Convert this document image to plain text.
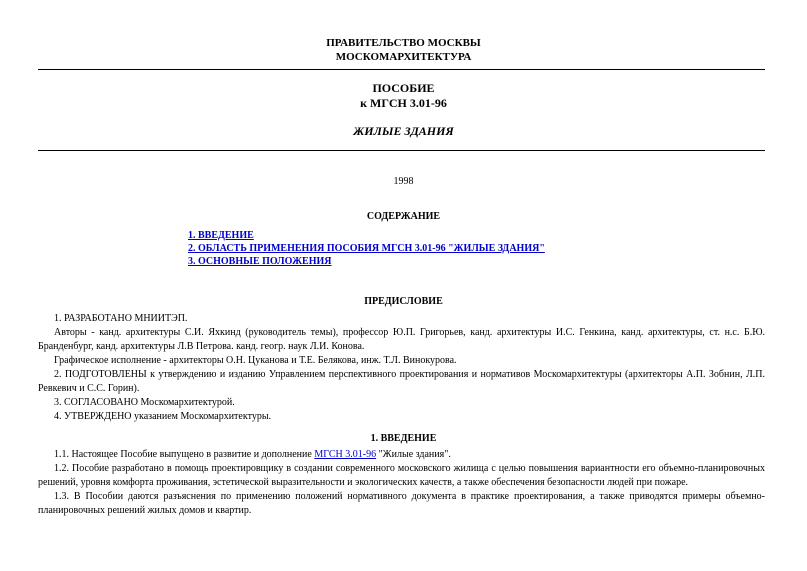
ПРАВИТЕЛЬСТВО МОСКВЫ
МОСКОМАРХИТЕКТУРА
ПОСОБИЕ
к МГСН 3.01-96
ЖИЛЫЕ ЗДАНИЯ
1998
СОДЕРЖАНИЕ
1. ВВЕДЕНИЕ
2. ОБЛАСТЬ ПРИМЕНЕНИЯ ПОСОБИЯ МГСН 3.01-96 "ЖИЛЫЕ ЗДАНИЯ"
3. ОСНОВНЫЕ ПОЛОЖЕНИЯ
ПРЕДИСЛОВИЕ

1. РАЗРАБОТАНО МНИИТЭП.

Авторы - канд. архитектуры С.И. Яхкинд (руководитель темы), профессор Ю.П. Григорьев, канд. архитектуры И.С. Генкина, канд. архитектуры, ст. н.с. Б.Ю. Бранденбург, канд. архитектуры Л.В Петрова. канд. геогр. наук Л.И. Конова.

Графическое исполнение - архитекторы О.Н. Цуканова и Т.Е. Белякова, инж. Т.Л. Винокурова.

2. ПОДГОТОВЛЕНЫ к утверждению и изданию Управлением перспективного проектирования и нормативов Москомархитектуры (архитекторы А.П. Зобнин, Л.П. Ревкевич и С.С. Горин).

3. СОГЛАСОВАНО Москомархитектурой.

4. УТВЕРЖДЕНО указанием Москомархитектуры.

1. ВВЕДЕНИЕ

1.1. Настоящее Пособие выпущено в развитие и дополнение МГСН 3.01-96 "Жилые здания".

1.2. Пособие разработано в помощь проектировщику в создании современного московского жилища с целью повышения вариантности его объемно-планировочных решений, уровня комфорта проживания, эстетической выразительности и экологических качеств, а также обеспечения безопасности людей при пожаре.

1.3. В Пособии даются разъяснения по применению положений нормативного документа в практике проектирования, а также приводятся примеры объемно-планировочных решений жилых домов и квартир.
